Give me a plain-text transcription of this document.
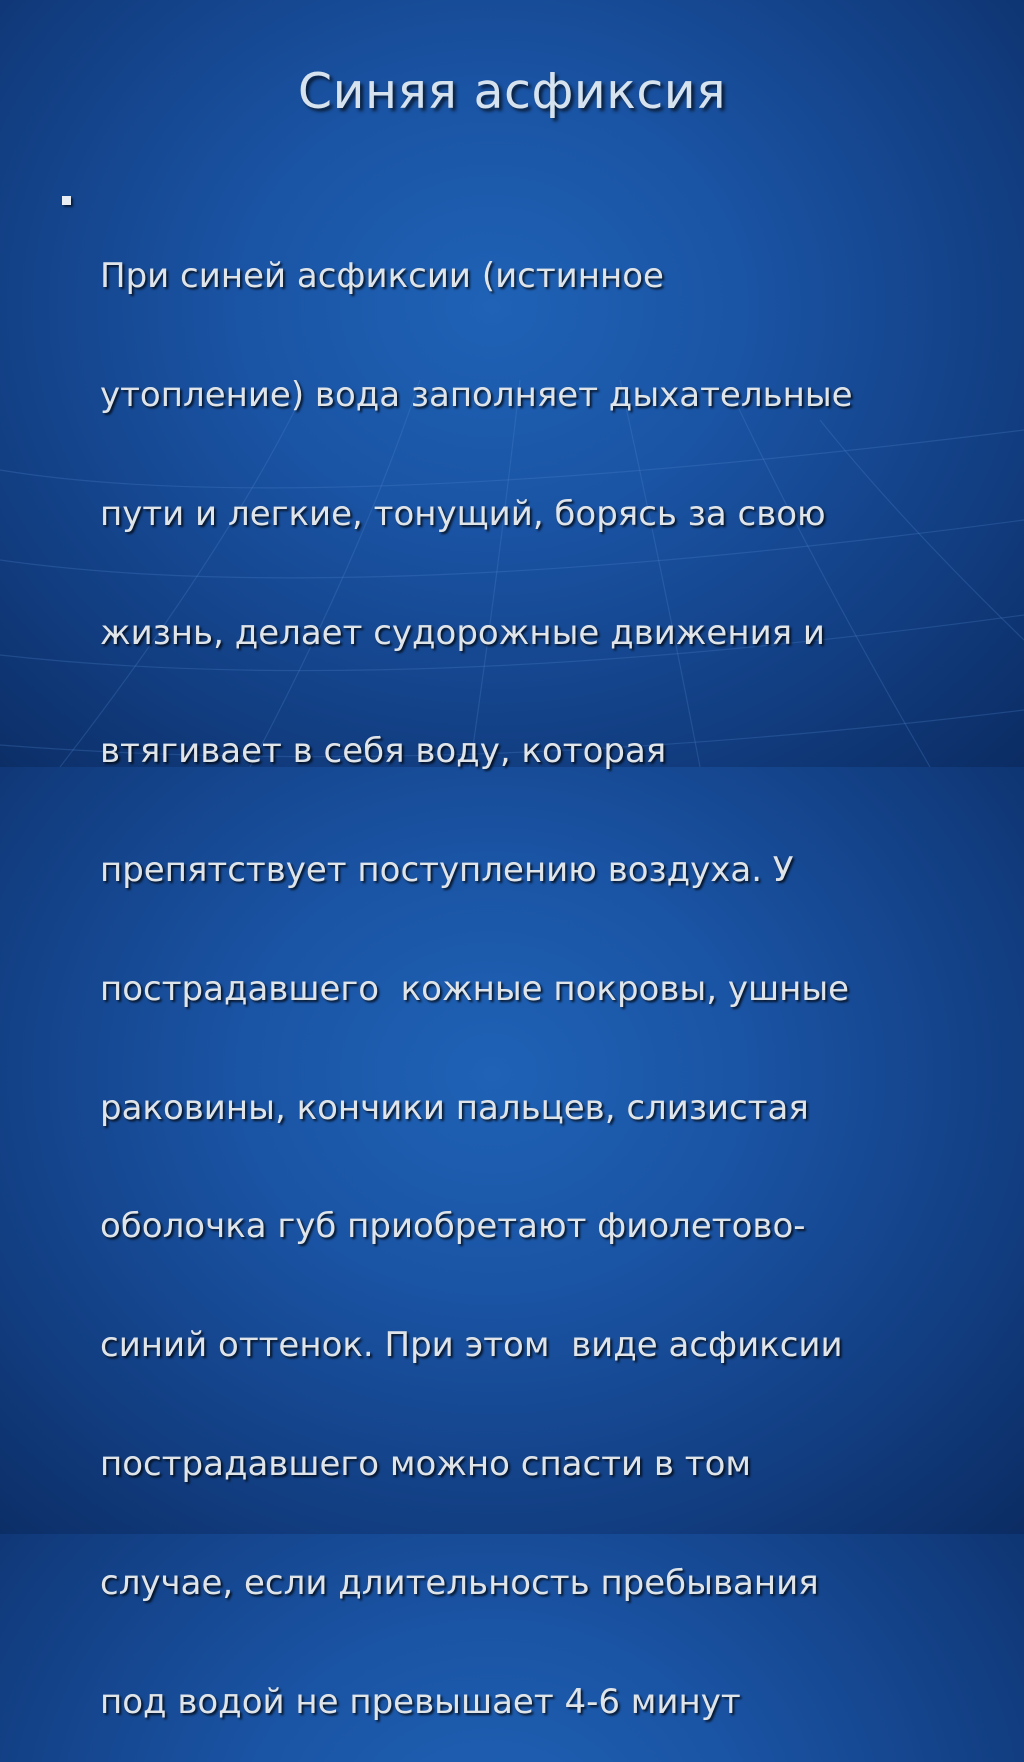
Синяя асфиксия

При синей асфиксии (истинное

утопление) вода заполняет дыхательные

пути и легкие, тонущий, борясь за свою

жизнь, делает судорожные движения и

втягивает в себя воду, которая

препятствует поступлению воздуха. У

пострадавшего  кожные покровы, ушные

раковины, кончики пальцев, слизистая

оболочка губ приобретают фиолетово-

синий оттенок. При этом  виде асфиксии

пострадавшего можно спасти в том

случае, если длительность пребывания

под водой не превышает 4-6 минут
